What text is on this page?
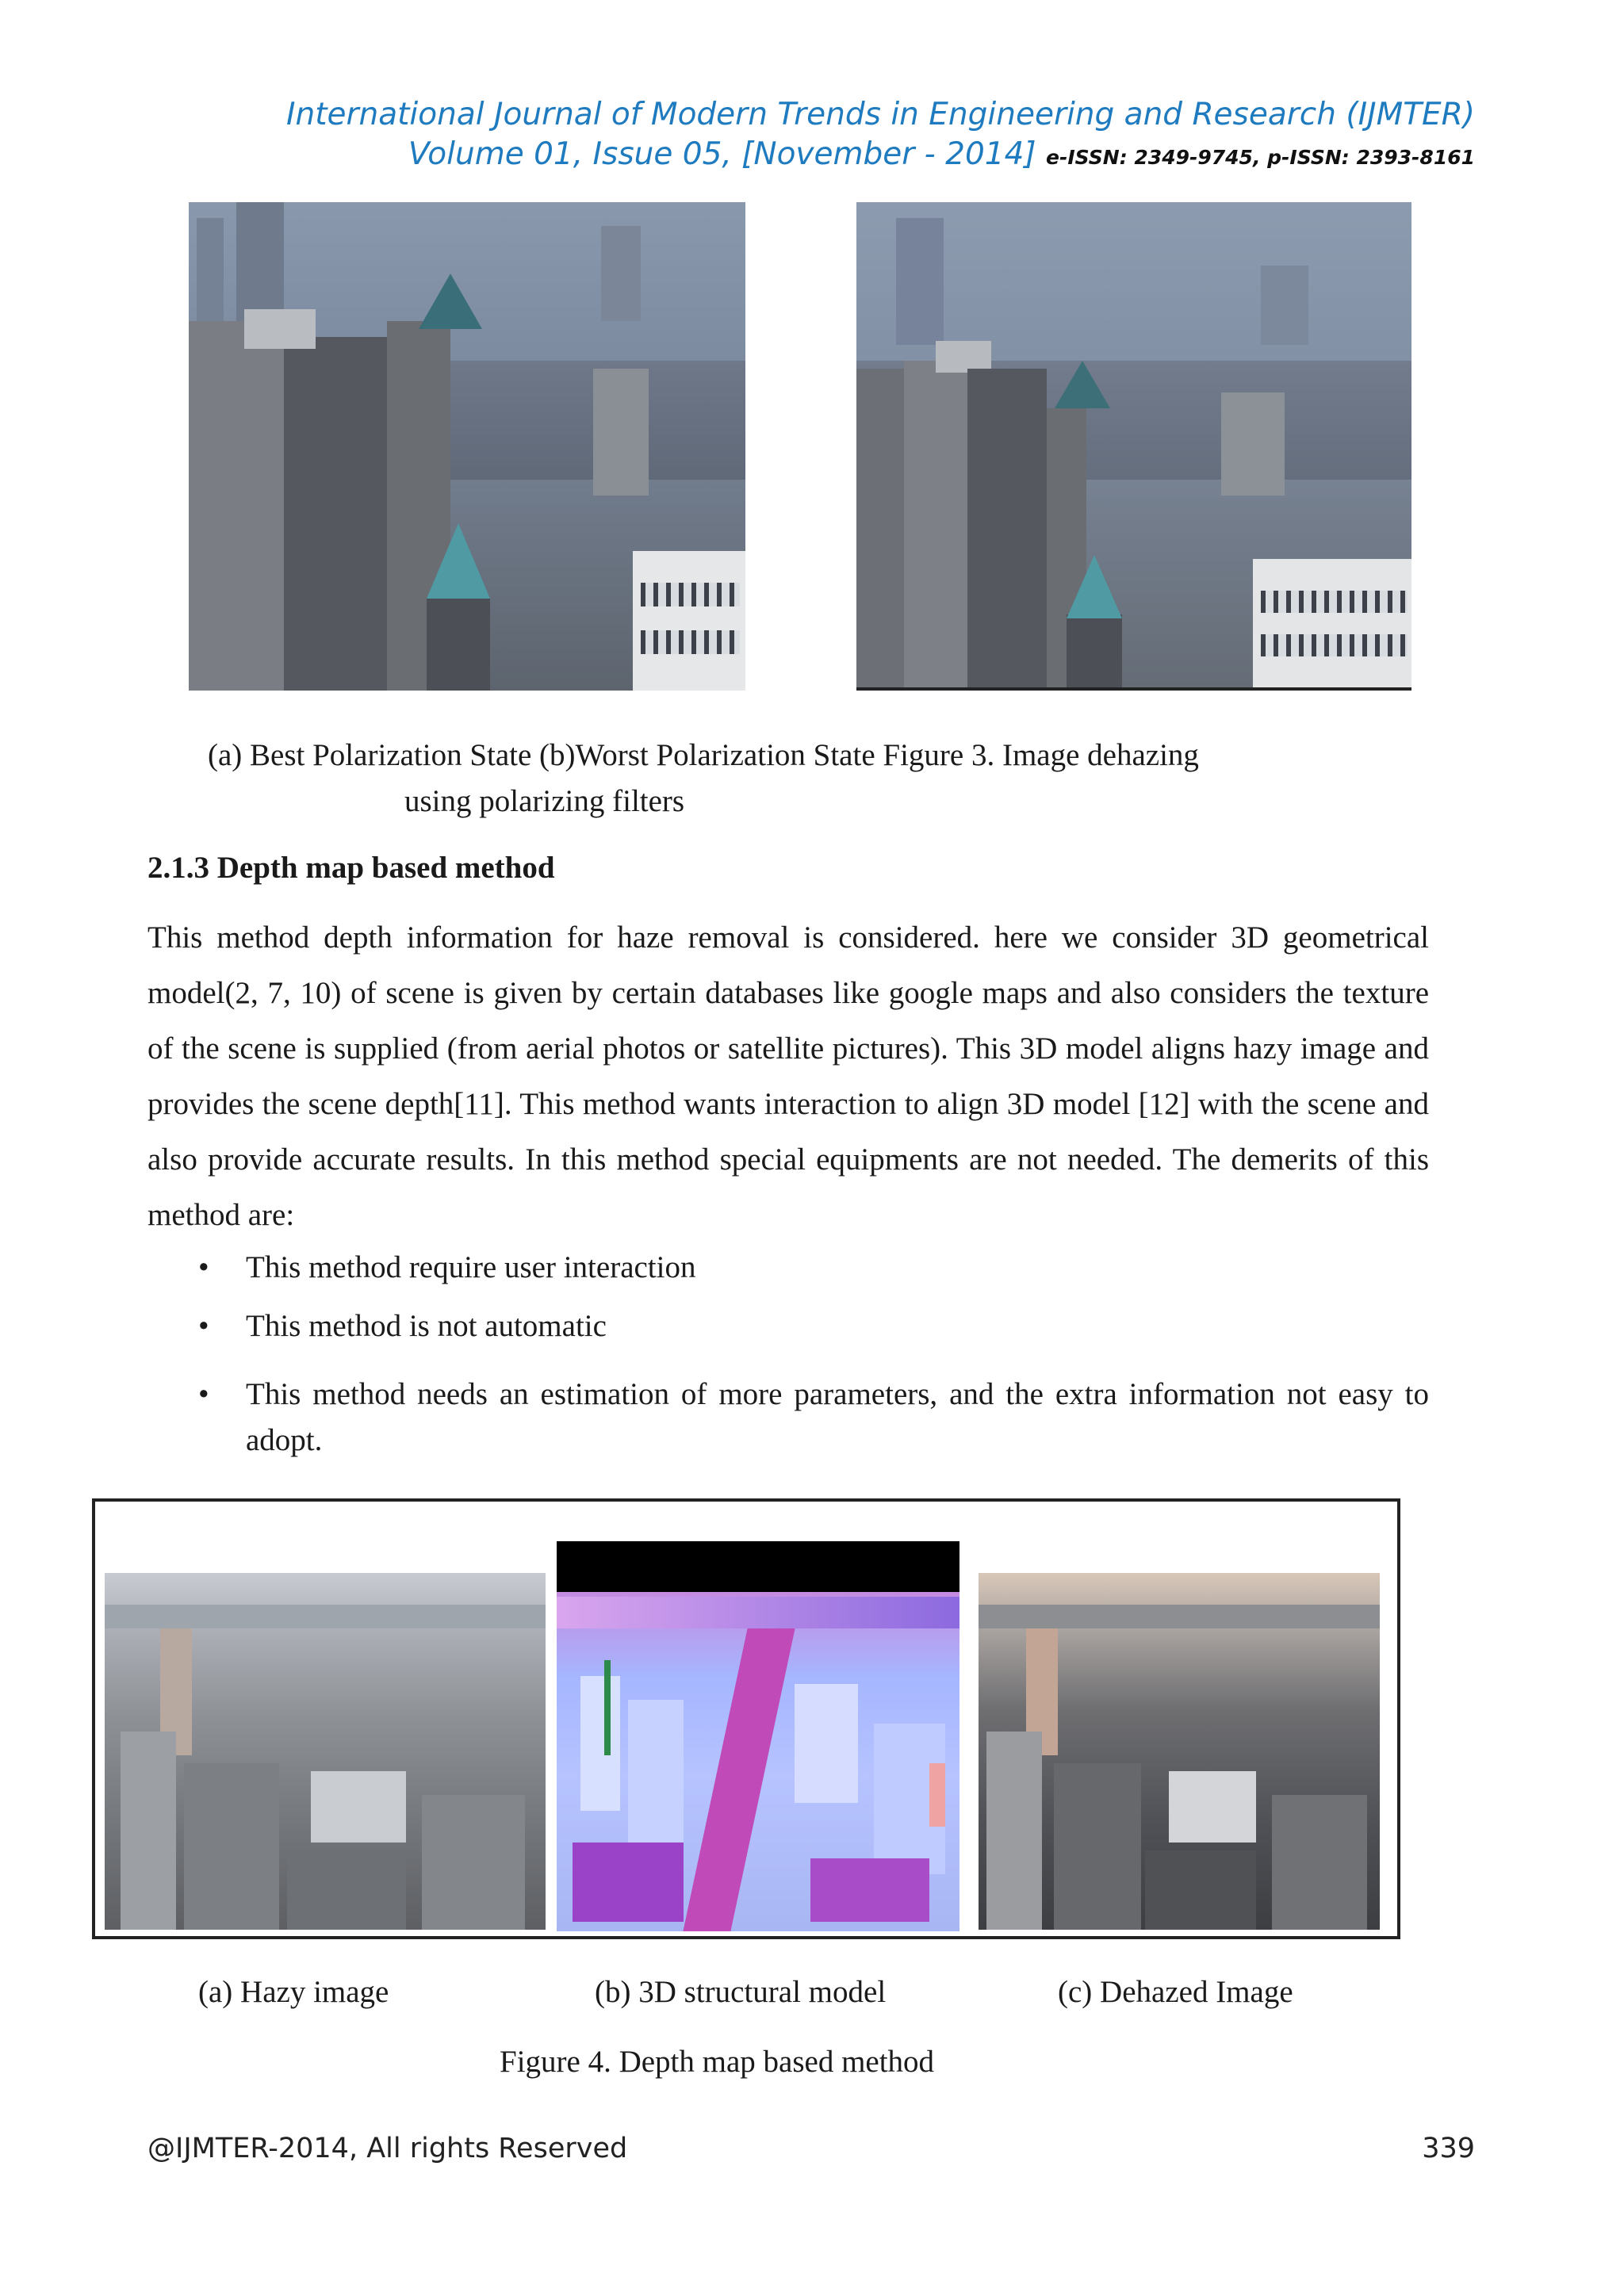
International Journal of Modern Trends in Engineering and Research (IJMTER)
Volume 01, Issue 05, [November - 2014] e-ISSN: 2349-9745, p-ISSN: 2393-8161
(a) Best Polarization State (b)Worst Polarization State Figure 3. Image dehazing
using polarizing filters
2.1.3 Depth map based method
This method depth information for haze removal is considered. here we consider 3D geometrical model(2, 7, 10) of scene is given by certain databases like google maps and also considers the texture of the scene is supplied (from aerial photos or satellite pictures). This 3D model aligns hazy image and provides the scene depth[11]. This method wants interaction to align 3D model [12] with the scene and also provide accurate results. In this method special equipments are not needed. The demerits of this method are:
• This method require user interaction
• This method is not automatic
• This method needs an estimation of more parameters, and the extra information not easy to adopt.
(a) Hazy image	(b) 3D structural model	(c) Dehazed Image
Figure 4. Depth map based method
@IJMTER-2014, All rights Reserved	339
